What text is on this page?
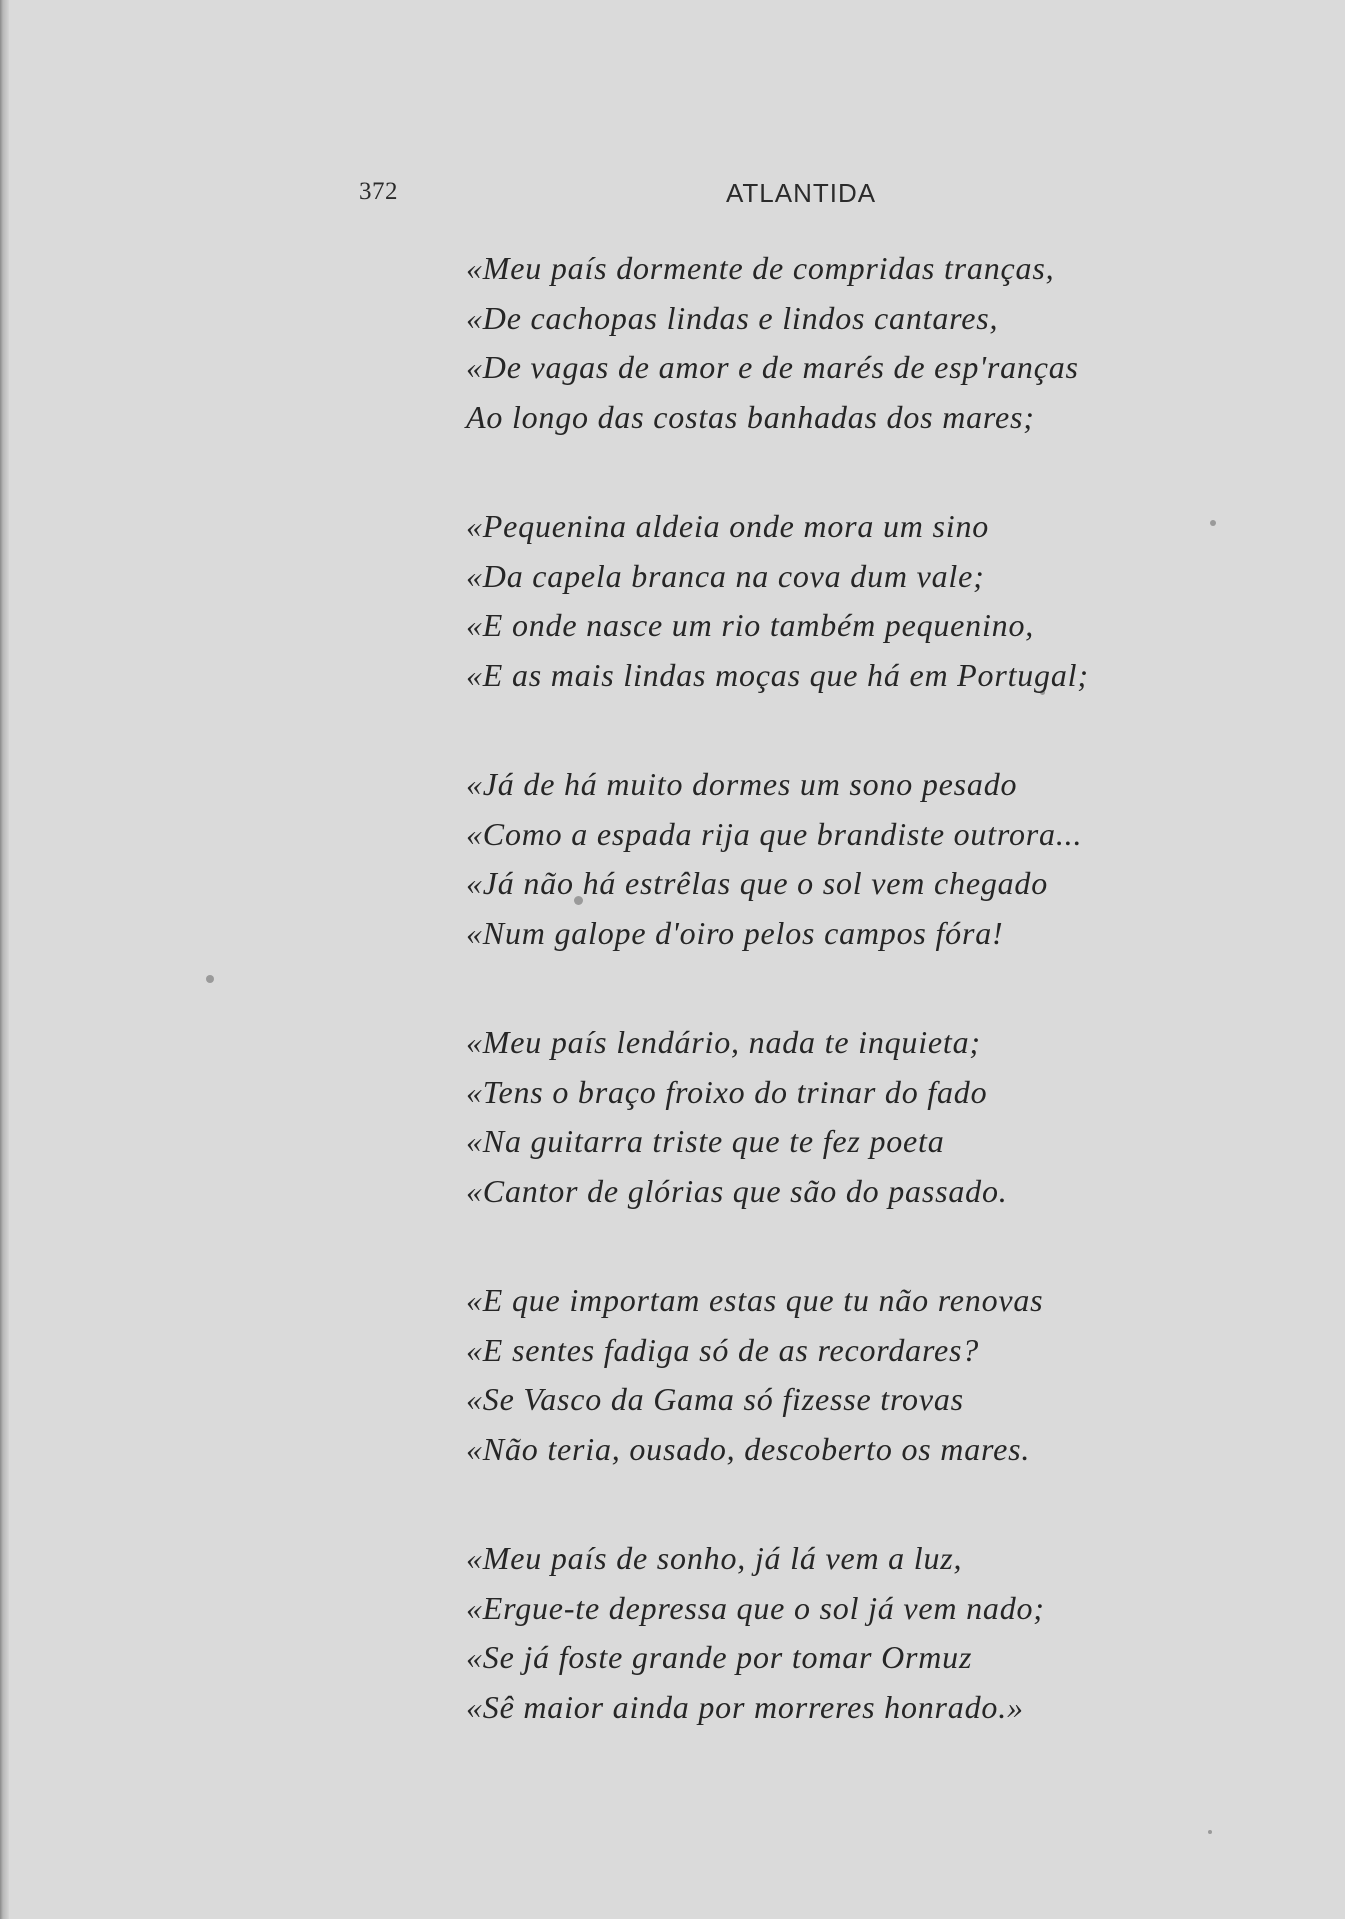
372	ATLANTIDA
«Meu país dormente de compridas tranças,
«De cachopas lindas e lindos cantares,
«De vagas de amor e de marés de esp'ranças
Ao longo das costas banhadas dos mares;
«Pequenina aldeia onde mora um sino
«Da capela branca na cova dum vale;
«E onde nasce um rio também pequenino,
«E as mais lindas moças que há em Portugal;
«Já de há muito dormes um sono pesado
«Como a espada rija que brandiste outrora...
«Já não há estrêlas que o sol vem chegado
«Num galope d'oiro pelos campos fóra!
«Meu país lendário, nada te inquieta;
«Tens o braço froixo do trinar do fado
«Na guitarra triste que te fez poeta
«Cantor de glórias que são do passado.
«E que importam estas que tu não renovas
«E sentes fadiga só de as recordares?
«Se Vasco da Gama só fizesse trovas
«Não teria, ousado, descoberto os mares.
«Meu país de sonho, já lá vem a luz,
«Ergue-te depressa que o sol já vem nado;
«Se já foste grande por tomar Ormuz
«Sê maior ainda por morreres honrado.»
